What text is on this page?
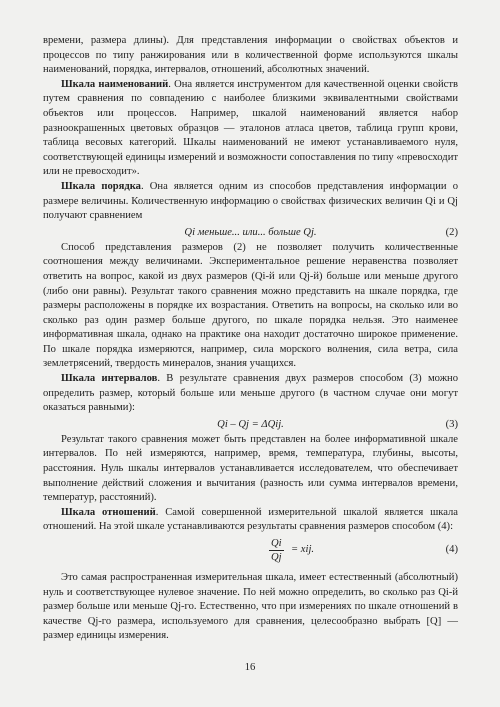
времени, размера длины). Для представления информации о свойствах объектов и процессов по типу ранжирования или в количественной форме используются шкалы наименований, порядка, интервалов, отношений, абсолютных значений.

Шкала наименований. Она является инструментом для качественной оценки свойств путем сравнения по совпадению с наиболее близкими эквивалентными свойствами объектов или процессов. Например, шкалой наименований является набор разноокрашенных цветовых образцов — эталонов атласа цветов, таблица групп крови, таблица весовых категорий. Шкалы наименований не имеют устанавливаемого нуля, соответствующей единицы измерений и возможности сопоставления по типу «превосходит или не превосходит».

Шкала порядка. Она является одним из способов представления информации о размере величины. Количественную информацию о свойствах физических величин Qi и Qj получают сравнением

Qi меньше... или... больше Qj.	(2)

Способ представления размеров (2) не позволяет получить количественные соотношения между величинами. Экспериментальное решение неравенства позволяет ответить на вопрос, какой из двух размеров (Qi-й или Qj-й) больше или меньше другого (либо они равны). Результат такого сравнения можно представить на шкале порядка, где размеры расположены в порядке их возрастания. Ответить на вопросы, на сколько или во сколько раз один размер больше другого, по шкале порядка нельзя. Это наименее информативная шкала, однако на практике она находит достаточно широкое применение. По шкале порядка измеряются, например, сила морского волнения, сила ветра, сила землетрясений, твердость минералов, знания учащихся.

Шкала интервалов. В результате сравнения двух размеров способом (3) можно определить размер, который больше или меньше другого (в частном случае они могут оказаться равными):

Qi – Qj = ΔQij.	(3)

Результат такого сравнения может быть представлен на более информативной шкале интервалов. По ней измеряются, например, время, температура, глубины, высоты, расстояния. Нуль шкалы интервалов устанавливается исследователем, что обеспечивает выполнение действий сложения и вычитания (разность или сумма интервалов времени, температур, расстояний).

Шкала отношений. Самой совершенной измерительной шкалой является шкала отношений. На этой шкале устанавливаются результаты сравнения размеров способом (4):

$\frac{Qi}{Qj}$ = xij.	(4)

Это самая распространенная измерительная шкала, имеет естественный (абсолютный) нуль и соответствующее нулевое значение. По ней можно определить, во сколько раз Qi-й размер больше или меньше Qj-го. Естественно, что при измерениях по шкале отношений в качестве Qj-го размера, используемого для сравнения, целесообразно выбрать [Q] — размер единицы измерения.

16
